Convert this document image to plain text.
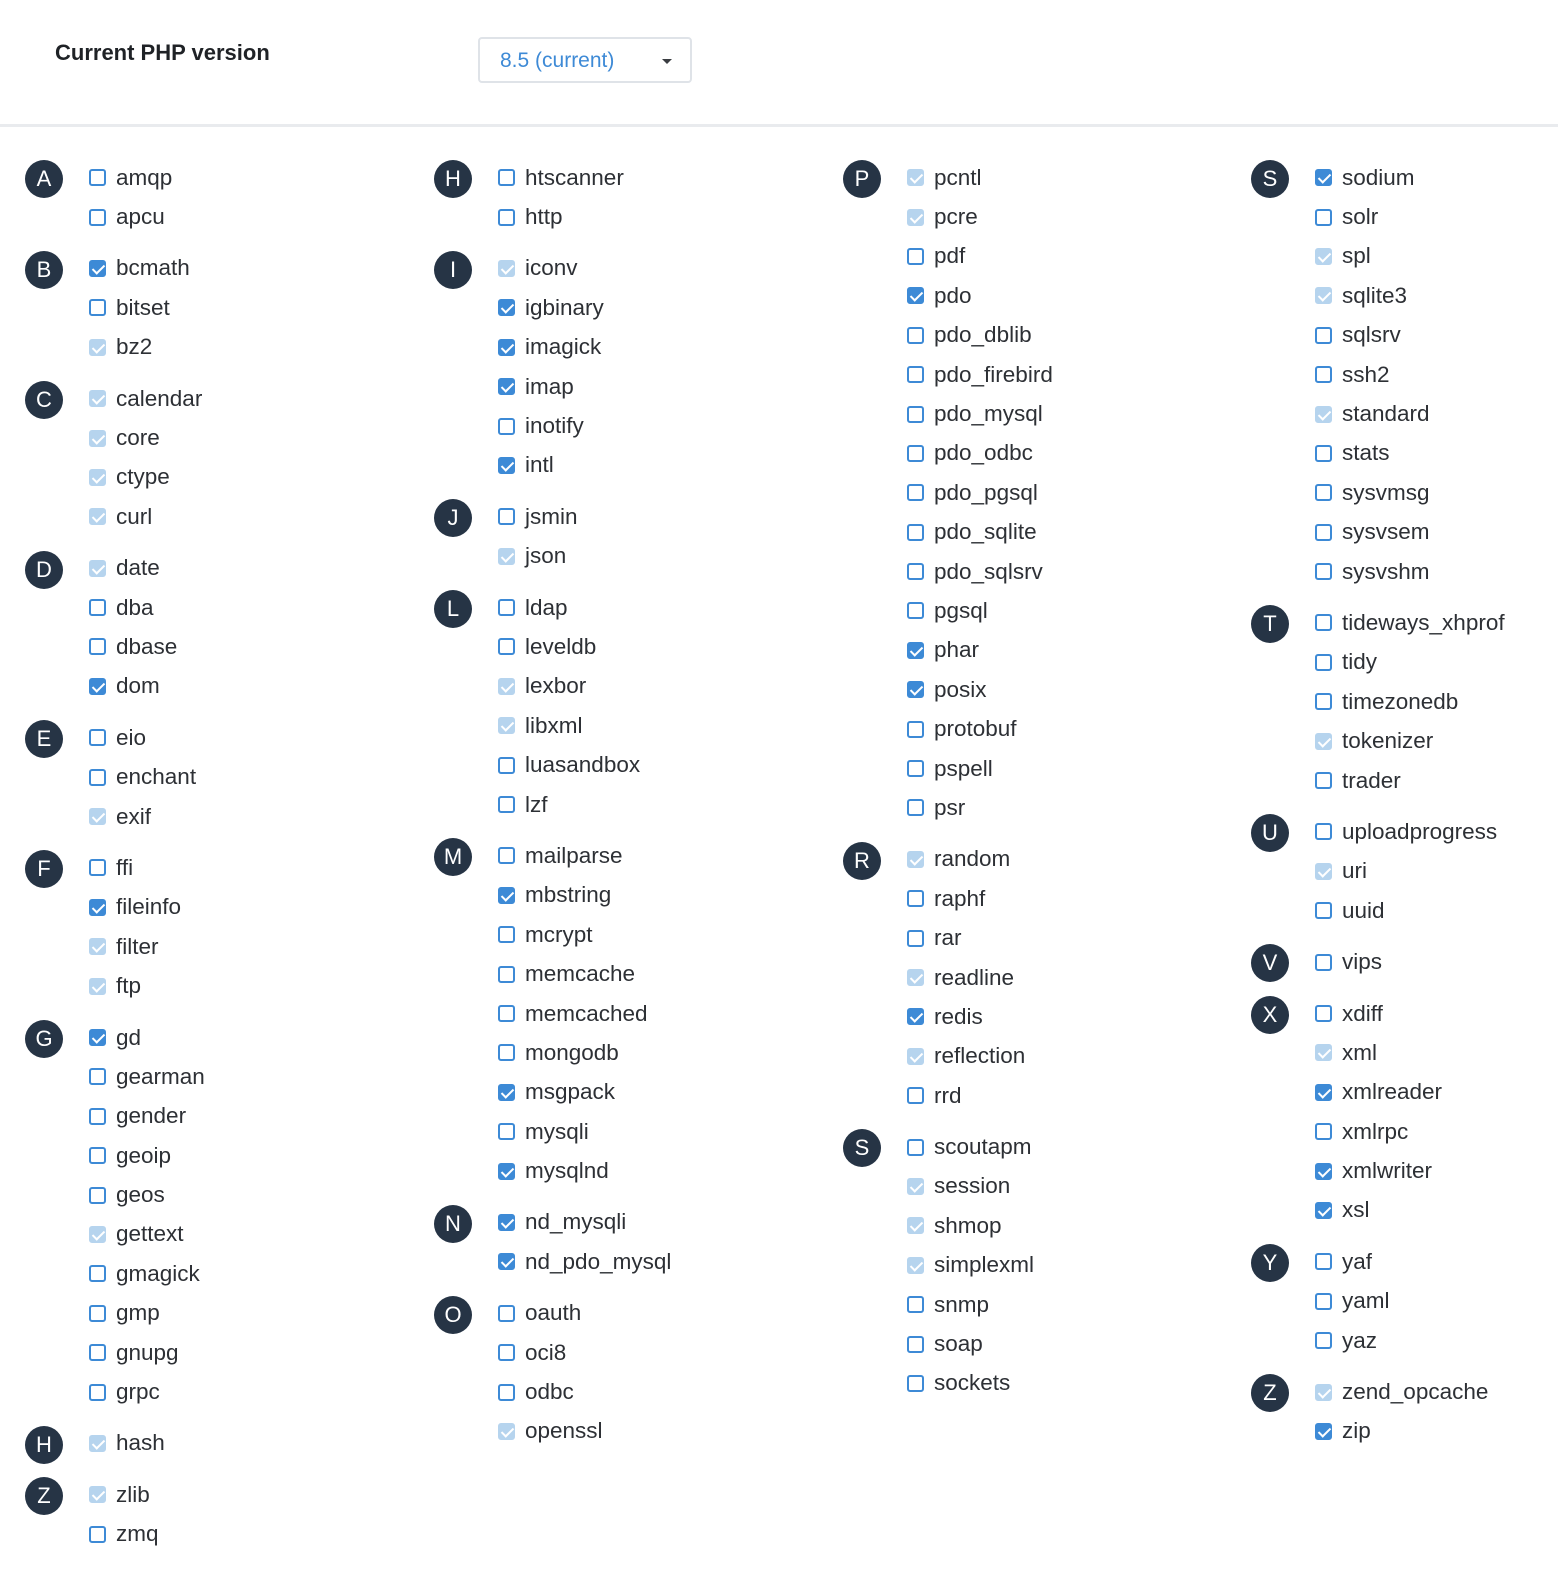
Current PHP version	8.5 (current)
A	amqp
apcu
B	bcmath
bitset
bz2
C	calendar
core
ctype
curl
D	date
dba
dbase
dom
E	eio
enchant
exif
F	ffi
fileinfo
filter
ftp
G	gd
gearman
gender
geoip
geos
gettext
gmagick
gmp
gnupg
grpc
H	hash
Z	zlib
zmq
H	htscanner
http
I	iconv
igbinary
imagick
imap
inotify
intl
J	jsmin
json
L	ldap
leveldb
lexbor
libxml
luasandbox
lzf
M	mailparse
mbstring
mcrypt
memcache
memcached
mongodb
msgpack
mysqli
mysqlnd
N	nd_mysqli
nd_pdo_mysql
O	oauth
oci8
odbc
openssl
P	pcntl
pcre
pdf
pdo
pdo_dblib
pdo_firebird
pdo_mysql
pdo_odbc
pdo_pgsql
pdo_sqlite
pdo_sqlsrv
pgsql
phar
posix
protobuf
pspell
psr
R	random
raphf
rar
readline
redis
reflection
rrd
S	scoutapm
session
shmop
simplexml
snmp
soap
sockets
S	sodium
solr
spl
sqlite3
sqlsrv
ssh2
standard
stats
sysvmsg
sysvsem
sysvshm
T	tideways_xhprof
tidy
timezonedb
tokenizer
trader
U	uploadprogress
uri
uuid
V	vips
X	xdiff
xml
xmlreader
xmlrpc
xmlwriter
xsl
Y	yaf
yaml
yaz
Z	zend_opcache
zip
